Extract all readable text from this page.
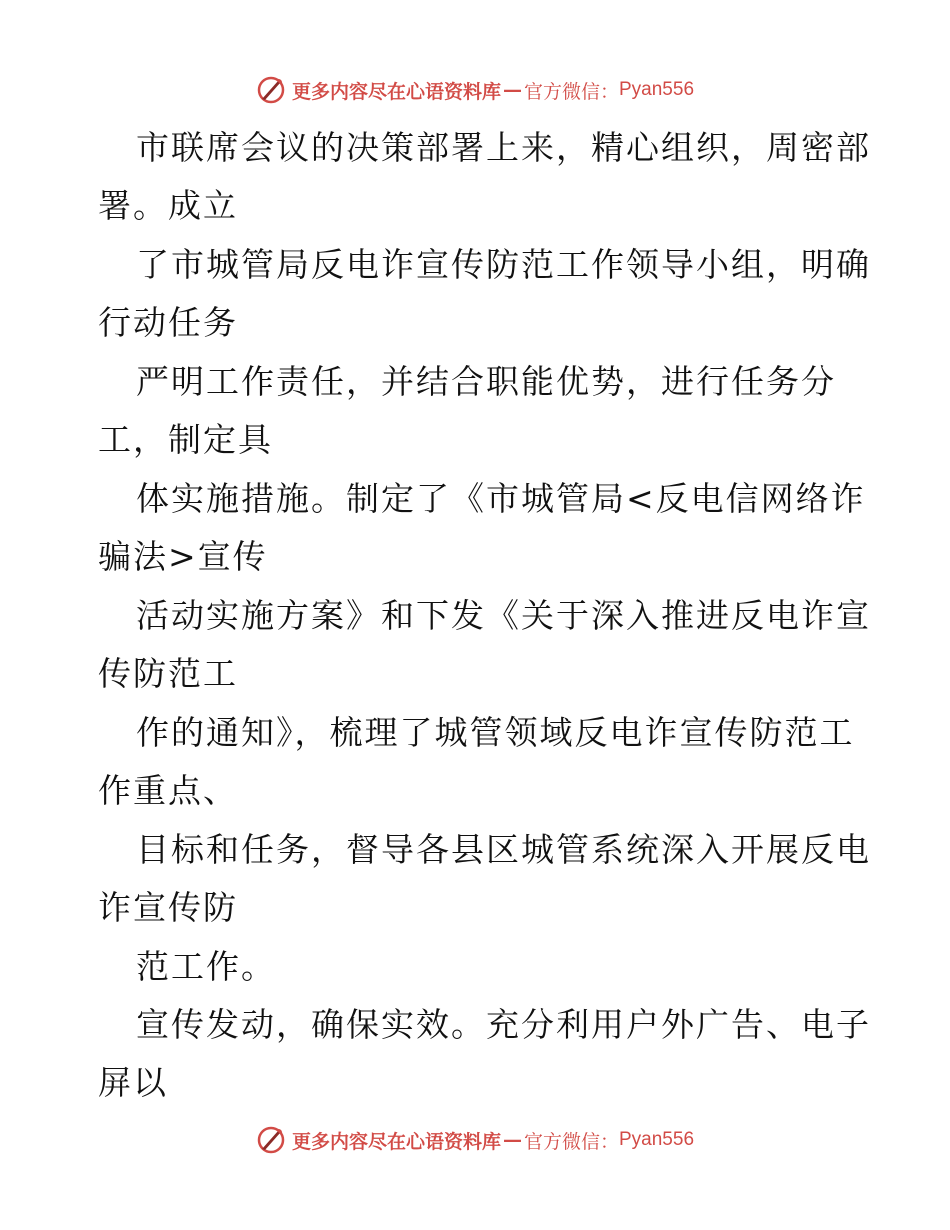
更多内容尽在心语资料库 — 官方微信： Pyan556
市联席会议的决策部署上来，精心组织，周密部
署。成立
了市城管局反电诈宣传防范工作领导小组，明确
行动任务
严明工作责任，并结合职能优势，进行任务分
工，制定具
体实施措施。制定了《市城管局<反电信网络诈
骗法>宣传
活动实施方案》和下发《关于深入推进反电诈宣
传防范工
作的通知》，梳理了城管领域反电诈宣传防范工
作重点、
目标和任务，督导各县区城管系统深入开展反电
诈宣传防
范工作。
宣传发动，确保实效。充分利用户外广告、电子
屏以
更多内容尽在心语资料库 — 官方微信： Pyan556
